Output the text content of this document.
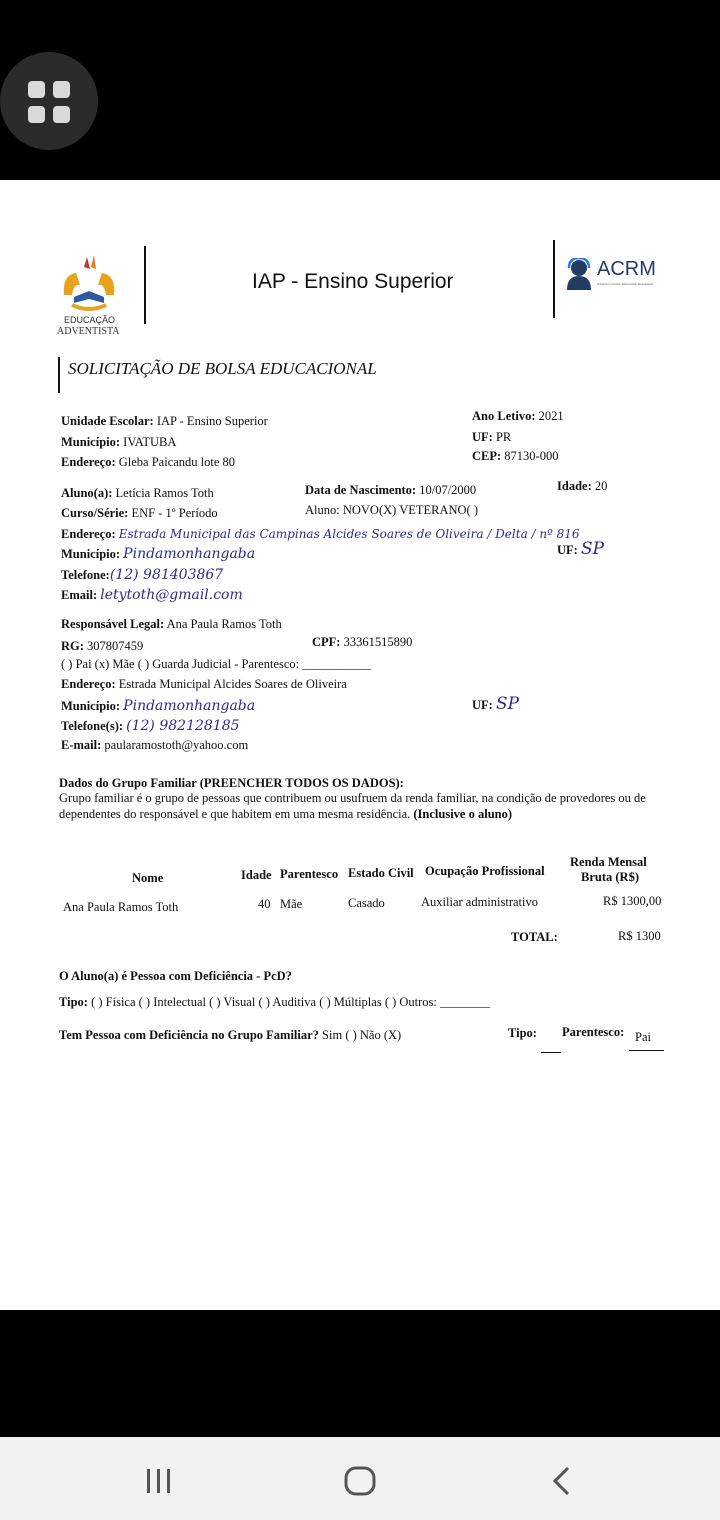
EDUCAÇÃO
ADVENTISTA
IAP - Ensino Superior
ACRM
Adventist Customer Relationship Management
SOLICITAÇÃO DE BOLSA EDUCACIONAL
Unidade Escolar: IAP - Ensino Superior
Município: IVATUBA
Endereço: Gleba Paicandu lote 80
Ano Letivo: 2021
UF: PR
CEP: 87130-000
Aluno(a): Letícia Ramos Toth	Data de Nascimento: 10/07/2000	Idade: 20
Curso/Série: ENF - 1º Período	Aluno: NOVO(X) VETERANO( )
Endereço: Estrada Municipal das Campinas Alcides Soares de Oliveira / Delta / nº 816
Município: Pindamonhangaba	UF: SP
Telefone:(12) 981403867
Email: letytoth@gmail.com
Responsável Legal: Ana Paula Ramos Toth
RG: 307807459	CPF: 33361515890
( ) Pai (x) Mãe ( ) Guarda Judicial - Parentesco: ___________
Endereço: Estrada Municipal Alcides Soares de Oliveira
Município: Pindamonhangaba	UF: SP
Telefone(s): (12) 982128185
E-mail: paularamostoth@yahoo.com
Dados do Grupo Familiar (PREENCHER TODOS OS DADOS):
Grupo familiar é o grupo de pessoas que contribuem ou usufruem da renda familiar, na condição de provedores ou de
dependentes do responsável e que habitem em uma mesma residência. (Inclusive o aluno)
Nome	Idade Parentesco Estado Civil Ocupação Profissional
Renda Mensal
Bruta (R$)
Ana Paula Ramos Toth	40 Mãe	Casado	Auxiliar administrativo	R$ 1300,00
TOTAL:	R$ 1300
O Aluno(a) é Pessoa com Deficiência - PcD?
Tipo: ( ) Física ( ) Intelectual ( ) Visual ( ) Auditiva ( ) Múltiplas ( ) Outros: ________
Tem Pessoa com Deficiência no Grupo Familiar? Sim ( ) Não (X)	Tipo: Parentesco: Pai
